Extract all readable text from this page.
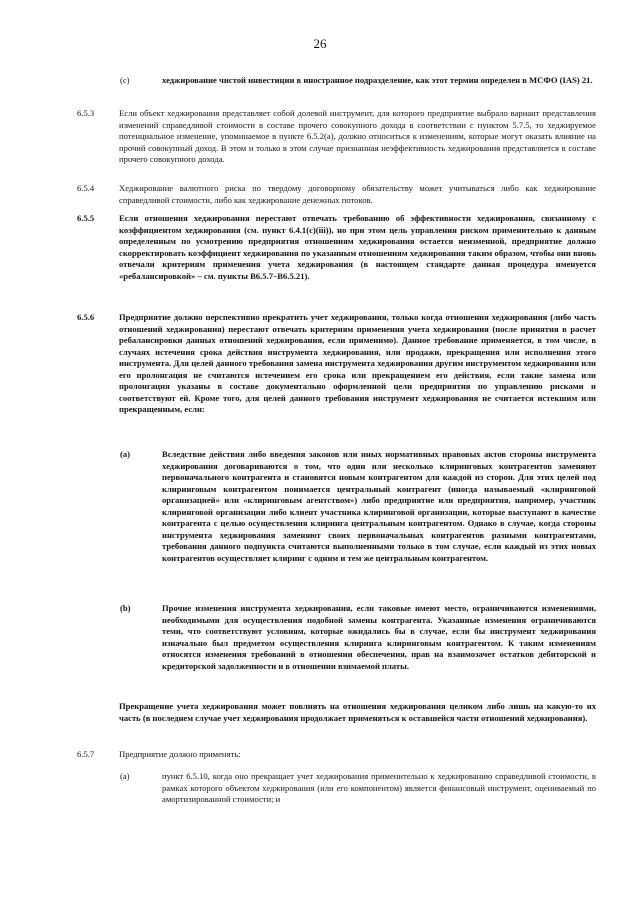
26
(c)	хеджирование чистой инвестиции в иностранное подразделение, как этот термин определен в МСФО (IAS) 21.
6.5.3	Если объект хеджирования представляет собой долевой инструмент, для которого предприятие выбрало вариант представления изменений справедливой стоимости в составе прочего совокупного дохода в соответствии с пунктом 5.7.5, то хеджируемое потенциальное изменение, упоминаемое в пункте 6.5.2(a), должно относиться к изменениям, которые могут оказать влияние на прочий совокупный доход. В этом и только в этом случае признанная неэффективность хеджирования представляется в составе прочего совокупного дохода.
6.5.4	Хеджирование валютного риска по твердому договорному обязательству может учитываться либо как хеджирование справедливой стоимости, либо как хеджирование денежных потоков.
6.5.5	Если отношения хеджирования перестают отвечать требованию об эффективности хеджирования, связанному с коэффициентом хеджирования (см. пункт 6.4.1(c)(iii)), но при этом цель управления риском применительно к данным определенным по усмотрению предприятия отношениям хеджирования остается неизменной, предприятие должно скорректировать коэффициент хеджирования по указанным отношениям хеджирования таким образом, чтобы они вновь отвечали критериям применения учета хеджирования (в настоящем стандарте данная процедура именуется «ребалансировкой» – см. пункты B6.5.7–B6.5.21).
6.5.6	Предприятие должно перспективно прекратить учет хеджирования, только когда отношения хеджирования (либо часть отношений хеджирования) перестают отвечать критериям применения учета хеджирования (после принятия в расчет ребалансировки данных отношений хеджирования, если применимо). Данное требование применяется, в том числе, в случаях истечения срока действия инструмента хеджирования, или продажи, прекращения или исполнения этого инструмента. Для целей данного требования замена инструмента хеджирования другим инструментом хеджирования или его пролонгация не считаются истечением его срока или прекращением его действия, если такие замена или пролонгация указаны в составе документально оформленной цели предприятия по управлению рисками и соответствуют ей. Кроме того, для целей данного требования инструмент хеджирования не считается истекшим или прекращенным, если:
(a)	Вследствие действия либо введения законов или иных нормативных правовых актов стороны инструмента хеджирования договариваются о том, что один или несколько клиринговых контрагентов заменяют первоначального контрагента и становятся новым контрагентом для каждой из сторон. Для этих целей под клиринговым контрагентом понимается центральный контрагент (иногда называемый «клиринговой организацией» или «клиринговым агентством») либо предприятие или предприятия, например, участник клиринговой организации либо клиент участника клиринговой организации, которые выступают в качестве контрагента с целью осуществления клиринга центральным контрагентом. Однако в случае, когда стороны инструмента хеджирования заменяют своих первоначальных контрагентов разными контрагентами, требования данного подпункта считаются выполненными только в том случае, если каждый из этих новых контрагентов осуществляет клиринг с одним и тем же центральным контрагентом.
(b)	Прочие изменения инструмента хеджирования, если таковые имеют место, ограничиваются изменениями, необходимыми для осуществления подобной замены контрагента. Указанные изменения ограничиваются теми, что соответствуют условиям, которые ожидались бы в случае, если бы инструмент хеджирования изначально был предметом осуществления клиринга клиринговым контрагентом. К таким изменениям относятся изменения требований в отношении обеспечения, прав на взаимозачет остатков дебиторской и кредиторской задолженности и в отношении взимаемой платы.
Прекращение учета хеджирования может повлиять на отношения хеджирования целиком либо лишь на какую-то их часть (в последнем случае учет хеджирования продолжает применяться к оставшейся части отношений хеджирования).
6.5.7	Предприятие должно применять:
(a)	пункт 6.5.10, когда оно прекращает учет хеджирования применительно к хеджированию справедливой стоимости, в рамках которого объектом хеджирования (или его компонентом) является финансовый инструмент, оцениваемый по амортизированной стоимости; и
